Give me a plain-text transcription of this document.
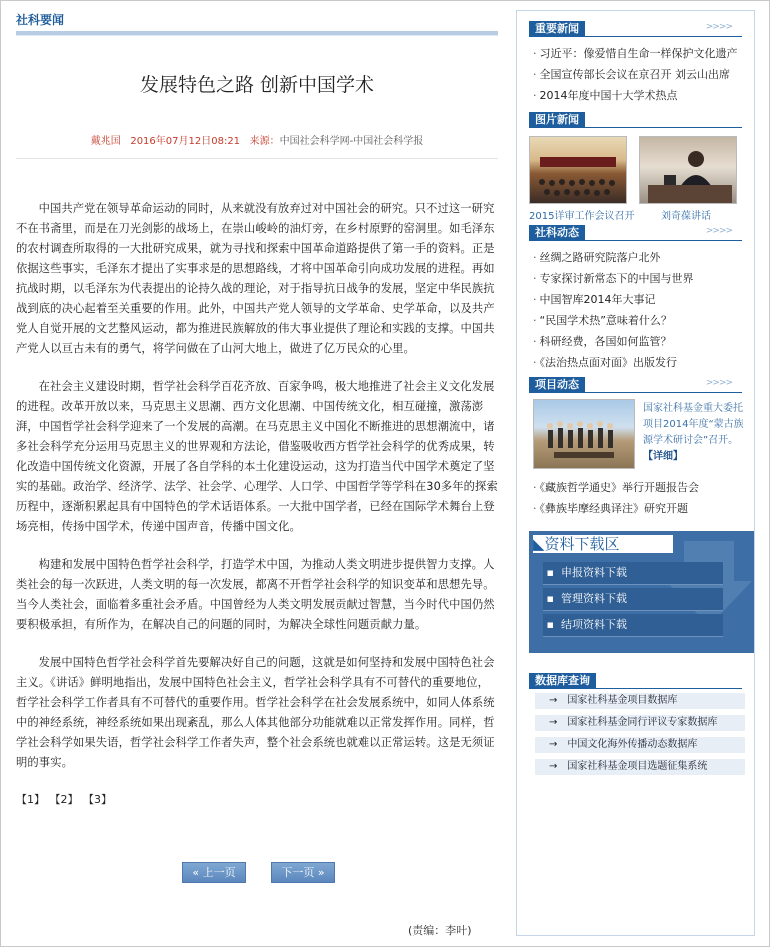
社科要闻
发展特色之路 创新中国学术
戴兆国 2016年07月12日08:21 来源：中国社会科学网-中国社会科学报

中国共产党在领导革命运动的同时，从来就没有放弃过对中国社会的研究。只不过这一研究不在书斋里，而是在刀光剑影的战场上，在崇山峻岭的油灯旁，在乡村原野的窑洞里。如毛泽东的农村调查所取得的一大批研究成果，就为寻找和探索中国革命道路提供了第一手的资料。正是依据这些事实，毛泽东才提出了实事求是的思想路线，才将中国革命引向成功发展的进程。再如抗战时期，以毛泽东为代表提出的论持久战的理论，对于指导抗日战争的发展，坚定中华民族抗战到底的决心起着至关重要的作用。此外，中国共产党人领导的文学革命、史学革命，以及共产党人自觉开展的文艺整风运动，都为推进民族解放的伟大事业提供了理论和实践的支撑。中国共产党人以亘古未有的勇气，将学问做在了山河大地上，做进了亿万民众的心里。

在社会主义建设时期，哲学社会科学百花齐放、百家争鸣，极大地推进了社会主义文化发展的进程。改革开放以来，马克思主义思潮、西方文化思潮、中国传统文化，相互碰撞，激荡澎湃，中国哲学社会科学迎来了一个发展的高潮。在马克思主义中国化不断推进的思想潮流中，诸多社会科学充分运用马克思主义的世界观和方法论，借鉴吸收西方哲学社会科学的优秀成果，转化改造中国传统文化资源，开展了各自学科的本土化建设运动，这为打造当代中国学术奠定了坚实的基础。政治学、经济学、法学、社会学、心理学、人口学、中国哲学等学科在30多年的探索历程中，逐渐积累起具有中国特色的学术话语体系。一大批中国学者，已经在国际学术舞台上登场亮相，传扬中国学术，传递中国声音，传播中国文化。

构建和发展中国特色哲学社会科学，打造学术中国，为推动人类文明进步提供智力支撑。人类社会的每一次跃进，人类文明的每一次发展，都离不开哲学社会科学的知识变革和思想先导。当今人类社会，面临着多重社会矛盾。中国曾经为人类文明发展贡献过智慧，当今时代中国仍然要积极承担，有所作为，在解决自己的问题的同时，为解决全球性问题贡献力量。

发展中国特色哲学社会科学首先要解决好自己的问题，这就是如何坚持和发展中国特色社会主义。《讲话》鲜明地指出，发展中国特色社会主义，哲学社会科学具有不可替代的重要地位，哲学社会科学工作者具有不可替代的重要作用。哲学社会科学在社会发展系统中，如同人体系统中的神经系统，神经系统如果出现紊乱，那么人体其他部分功能就难以正常发挥作用。同样，哲学社会科学如果失语，哲学社会科学工作者失声，整个社会系统也就难以正常运转。这是无须证明的事实。

【1】 【2】 【3】
« 上一页	下一页 »
(责编：李叶)
重要新闻	>>>>
· 习近平：像爱惜自生命一样保护文化遗产
· 全国宣传部长会议在京召开 刘云山出席
· 2014年度中国十大学术热点
图片新闻
2015详审工作会议召开	刘奇葆讲话
社科动态	>>>>
· 丝绸之路研究院落户北外
· 专家探讨新常态下的中国与世界
· 中国智库2014年大事记
· “民国学术热”意味着什么？
· 科研经费，各国如何监管？
· 《法治热点面对面》出版发行
项目动态	>>>>
国家社科基金重大委托项目2014年度“蒙古族源学术研讨会”召开。【详细】
· 《藏族哲学通史》举行开题报告会
· 《彝族毕摩经典译注》研究开题
◣资料下载区
▪  申报资料下载
▪  管理资料下载
▪  结项资料下载
数据库查询
→ 国家社科基金项目数据库
→ 国家社科基金同行评议专家数据库
→ 中国文化海外传播动态数据库
→ 国家社科基金项目选题征集系统
